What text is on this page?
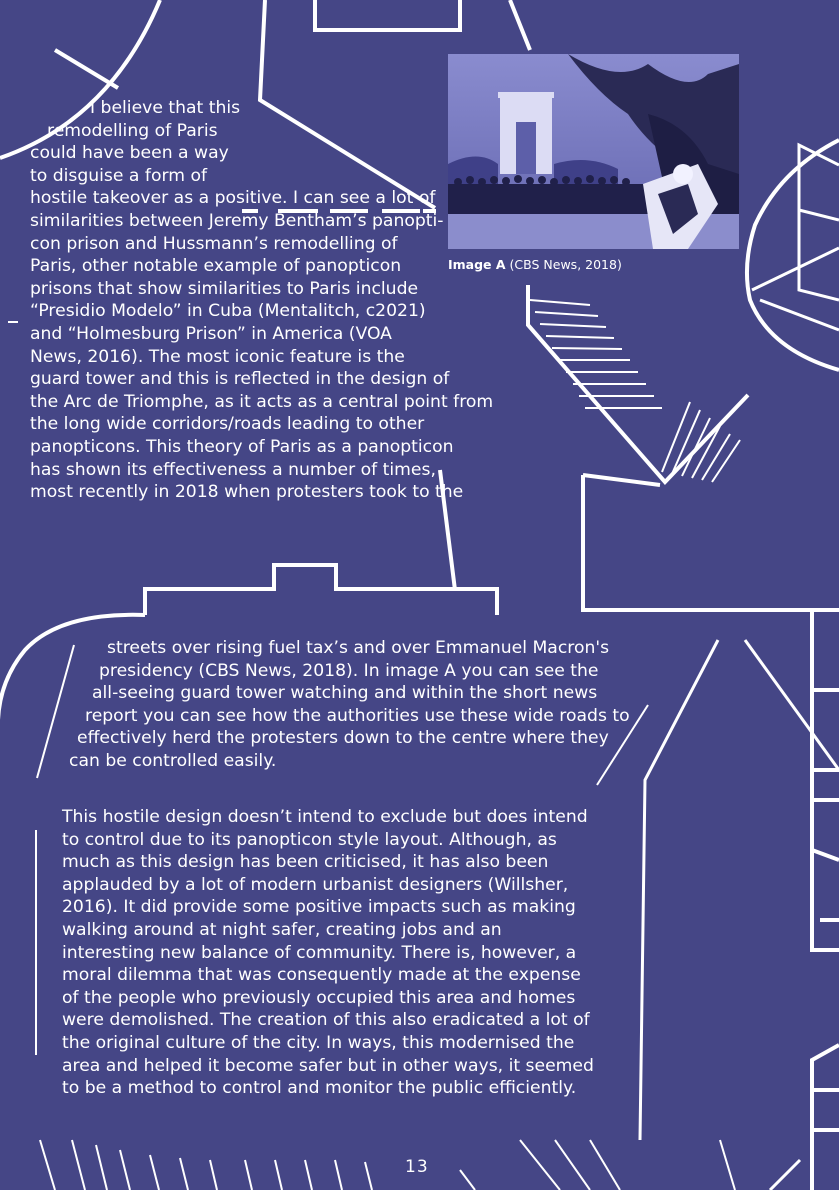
Image A (CBS News, 2018)
I believe that this
remodelling of Paris
could have been a way
to disguise a form of
hostile takeover as a positive. I can see a lot of
similarities between Jeremy Bentham’s panopti-
con prison and Hussmann’s remodelling of
Paris, other notable example of panopticon
prisons that show similarities to Paris include
“Presidio Modelo” in Cuba (Mentalitch, c2021)
and “Holmesburg Prison” in America (VOA
News, 2016). The most iconic feature is the
guard tower and this is reflected in the design of
the Arc de Triomphe, as it acts as a central point from
the long wide corridors/roads leading to other
panopticons. This theory of Paris as a panopticon
has shown its effectiveness a number of times,
most recently in 2018 when protesters took to the
streets over rising fuel tax’s and over Emmanuel Macron's
presidency (CBS News, 2018). In image A you can see the
all-seeing guard tower watching and within the short news
report you can see how the authorities use these wide roads to
effectively herd the protesters down to the centre where they
can be controlled easily.
This hostile design doesn’t intend to exclude but does intend
to control due to its panopticon style layout. Although, as
much as this design has been criticised, it has also been
applauded by a lot of modern urbanist designers (Willsher,
2016). It did provide some positive impacts such as making
walking around at night safer, creating jobs and an
interesting new balance of community. There is, however, a
moral dilemma that was consequently made at the expense
of the people who previously occupied this area and homes
were demolished. The creation of this also eradicated a lot of
the original culture of the city. In ways, this modernised the
area and helped it become safer but in other ways, it seemed
to be a method to control and monitor the public efficiently.
13
